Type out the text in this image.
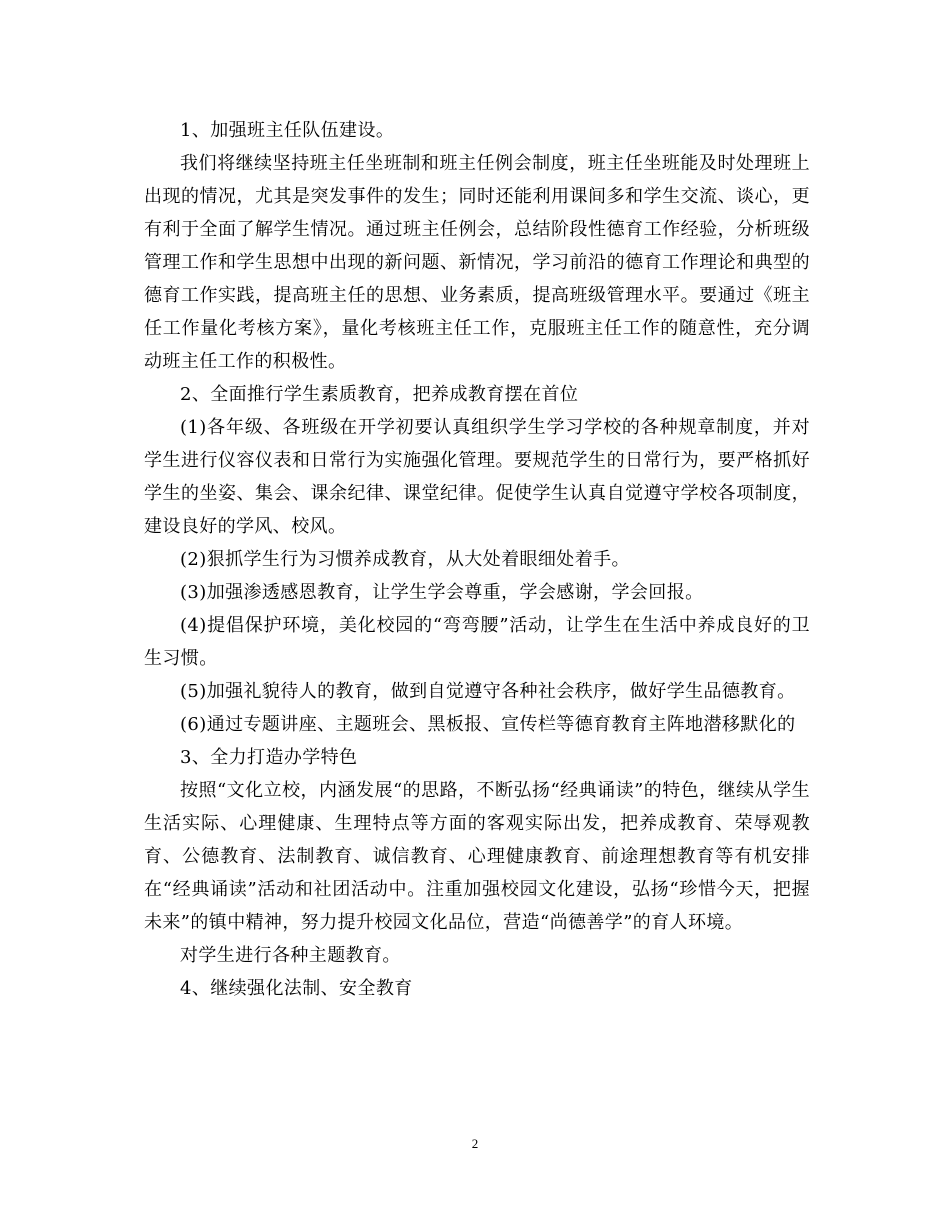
1、加强班主任队伍建设。

我们将继续坚持班主任坐班制和班主任例会制度，班主任坐班能及时处理班上出现的情况，尤其是突发事件的发生；同时还能利用课间多和学生交流、谈心，更有利于全面了解学生情况。通过班主任例会，总结阶段性德育工作经验，分析班级管理工作和学生思想中出现的新问题、新情况，学习前沿的德育工作理论和典型的德育工作实践，提高班主任的思想、业务素质，提高班级管理水平。要通过《班主任工作量化考核方案》，量化考核班主任工作，克服班主任工作的随意性，充分调动班主任工作的积极性。

2、全面推行学生素质教育，把养成教育摆在首位

(1)各年级、各班级在开学初要认真组织学生学习学校的各种规章制度，并对学生进行仪容仪表和日常行为实施强化管理。要规范学生的日常行为，要严格抓好学生的坐姿、集会、课余纪律、课堂纪律。促使学生认真自觉遵守学校各项制度，建设良好的学风、校风。

(2)狠抓学生行为习惯养成教育，从大处着眼细处着手。

(3)加强渗透感恩教育，让学生学会尊重，学会感谢，学会回报。

(4)提倡保护环境，美化校园的“弯弯腰”活动，让学生在生活中养成良好的卫生习惯。

(5)加强礼貌待人的教育，做到自觉遵守各种社会秩序，做好学生品德教育。

(6)通过专题讲座、主题班会、黑板报、宣传栏等德育教育主阵地潜移默化的

3、全力打造办学特色

按照“文化立校，内涵发展“的思路，不断弘扬“经典诵读”的特色，继续从学生生活实际、心理健康、生理特点等方面的客观实际出发，把养成教育、荣辱观教育、公德教育、法制教育、诚信教育、心理健康教育、前途理想教育等有机安排在“经典诵读”活动和社团活动中。注重加强校园文化建设，弘扬“珍惜今天，把握未来”的镇中精神，努力提升校园文化品位，营造“尚德善学”的育人环境。

对学生进行各种主题教育。

4、继续强化法制、安全教育

2
